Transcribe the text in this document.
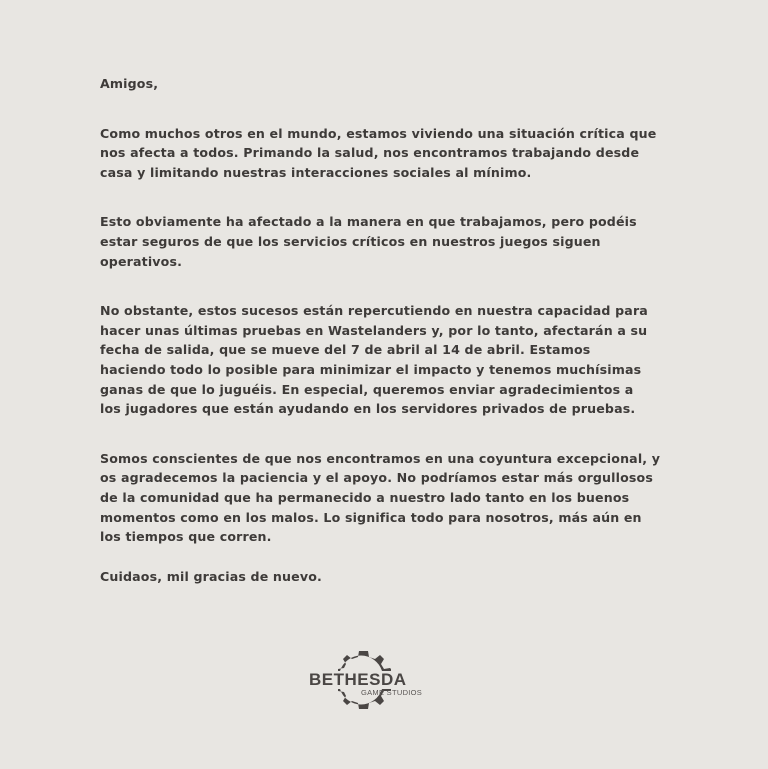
Amigos,

Como muchos otros en el mundo, estamos viviendo una situación crítica que
nos afecta a todos. Primando la salud, nos encontramos trabajando desde
casa y limitando nuestras interacciones sociales al mínimo.

Esto obviamente ha afectado a la manera en que trabajamos, pero podéis
estar seguros de que los servicios críticos en nuestros juegos siguen
operativos.

No obstante, estos sucesos están repercutiendo en nuestra capacidad para
hacer unas últimas pruebas en Wastelanders y, por lo tanto, afectarán a su
fecha de salida, que se mueve del 7 de abril al 14 de abril. Estamos
haciendo todo lo posible para minimizar el impacto y tenemos muchísimas
ganas de que lo juguéis. En especial, queremos enviar agradecimientos a
los jugadores que están ayudando en los servidores privados de pruebas.

Somos conscientes de que nos encontramos en una coyuntura excepcional, y
os agradecemos la paciencia y el apoyo. No podríamos estar más orgullosos
de la comunidad que ha permanecido a nuestro lado tanto en los buenos
momentos como en los malos. Lo significa todo para nosotros, más aún en
los tiempos que corren.

Cuidaos, mil gracias de nuevo.

BETHESDA
GAME STUDIOS
